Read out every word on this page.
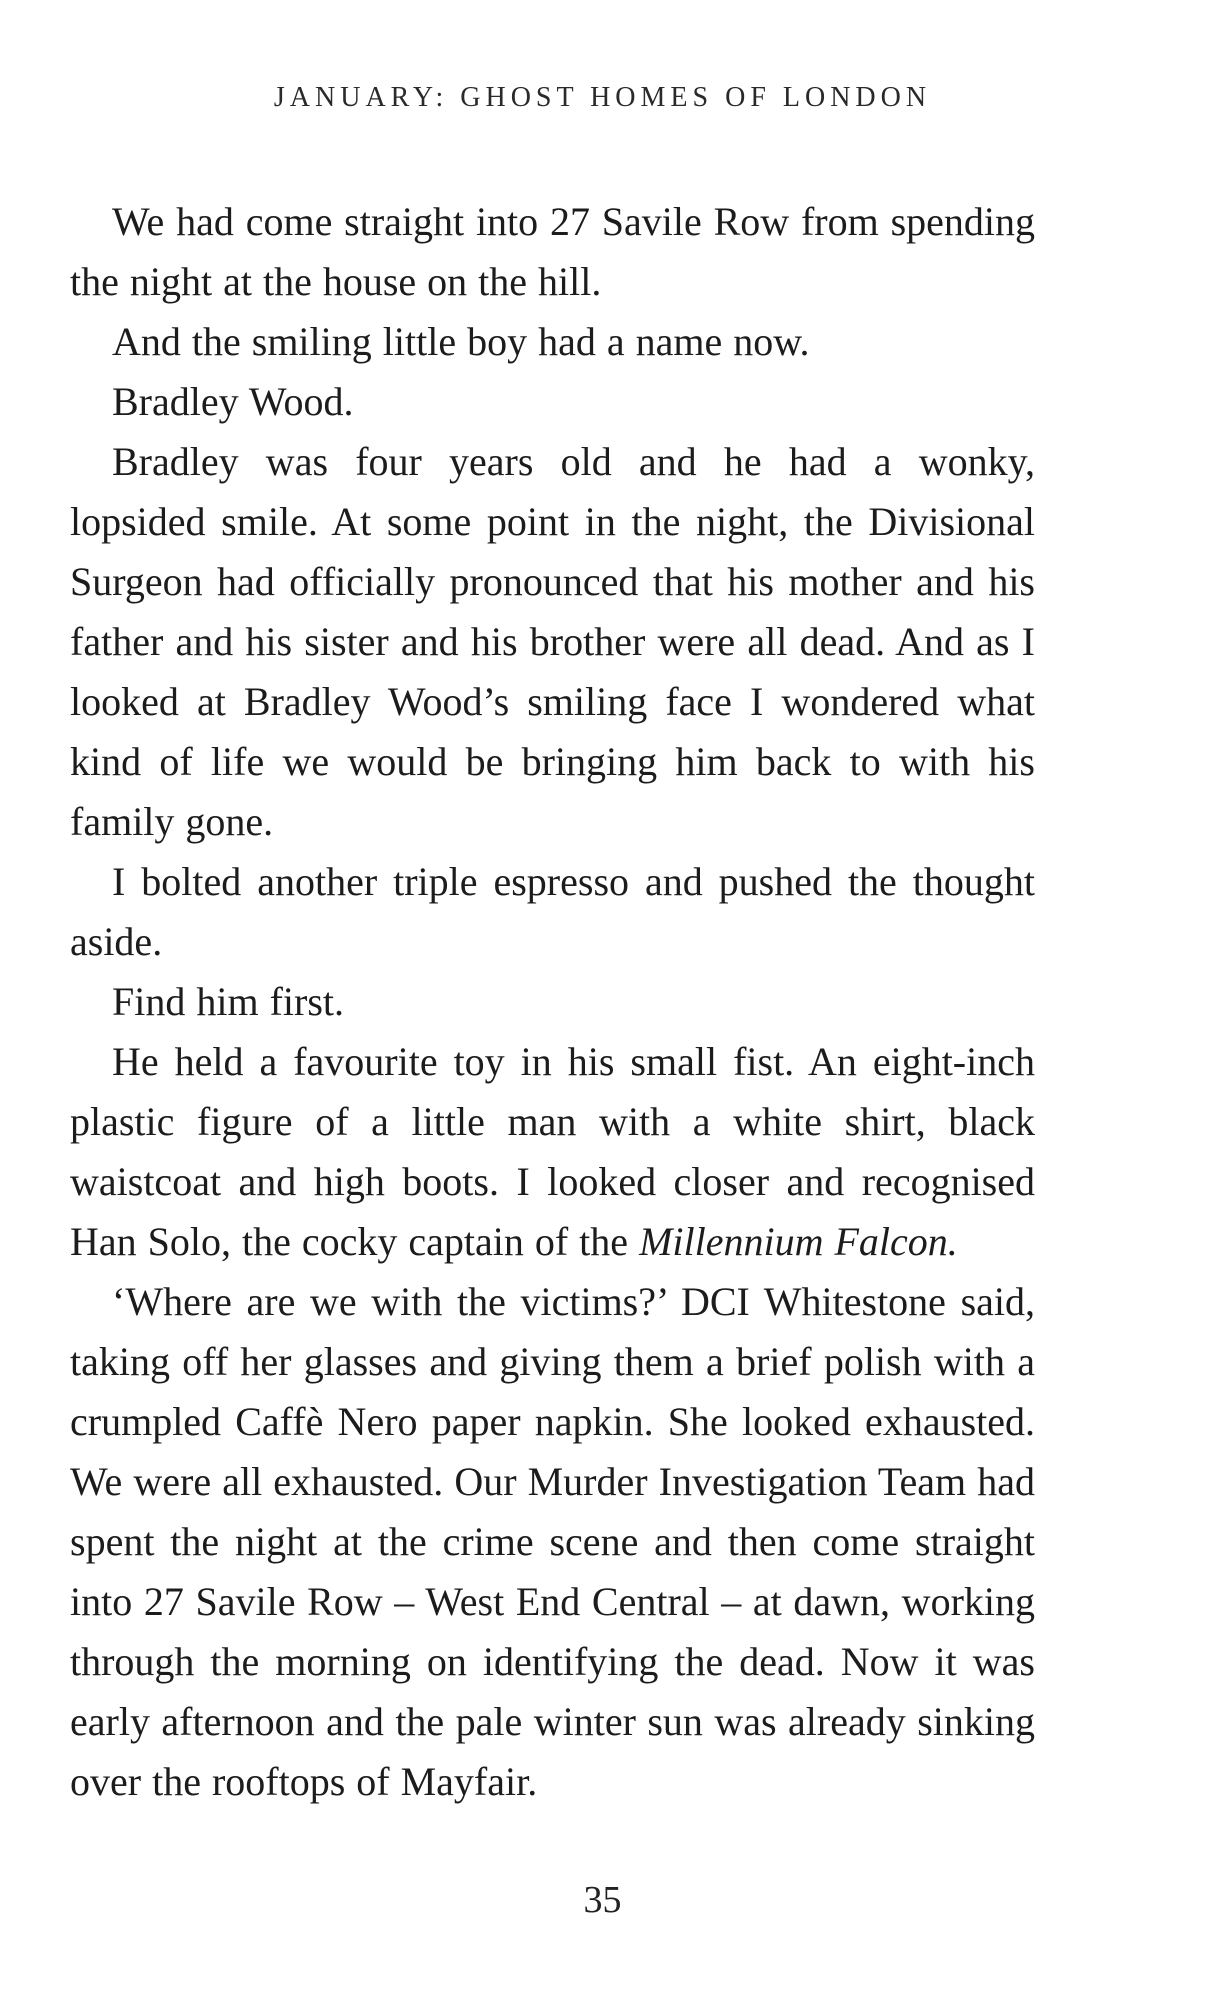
JANUARY: GHOST HOMES OF LONDON

We had come straight into 27 Savile Row from spending the night at the house on the hill.

And the smiling little boy had a name now.

Bradley Wood.

Bradley was four years old and he had a wonky, lopsided smile. At some point in the night, the Divisional Surgeon had officially pronounced that his mother and his father and his sister and his brother were all dead. And as I looked at Bradley Wood’s smiling face I wondered what kind of life we would be bringing him back to with his family gone.

I bolted another triple espresso and pushed the thought aside.

Find him first.

He held a favourite toy in his small fist. An eight-inch plastic figure of a little man with a white shirt, black waistcoat and high boots. I looked closer and recognised Han Solo, the cocky captain of the Millennium Falcon.

‘Where are we with the victims?’ DCI Whitestone said, taking off her glasses and giving them a brief polish with a crumpled Caffè Nero paper napkin. She looked exhausted. We were all exhausted. Our Murder Investigation Team had spent the night at the crime scene and then come straight into 27 Savile Row – West End Central – at dawn, working through the morning on identifying the dead. Now it was early afternoon and the pale winter sun was already sinking over the rooftops of Mayfair.

35
